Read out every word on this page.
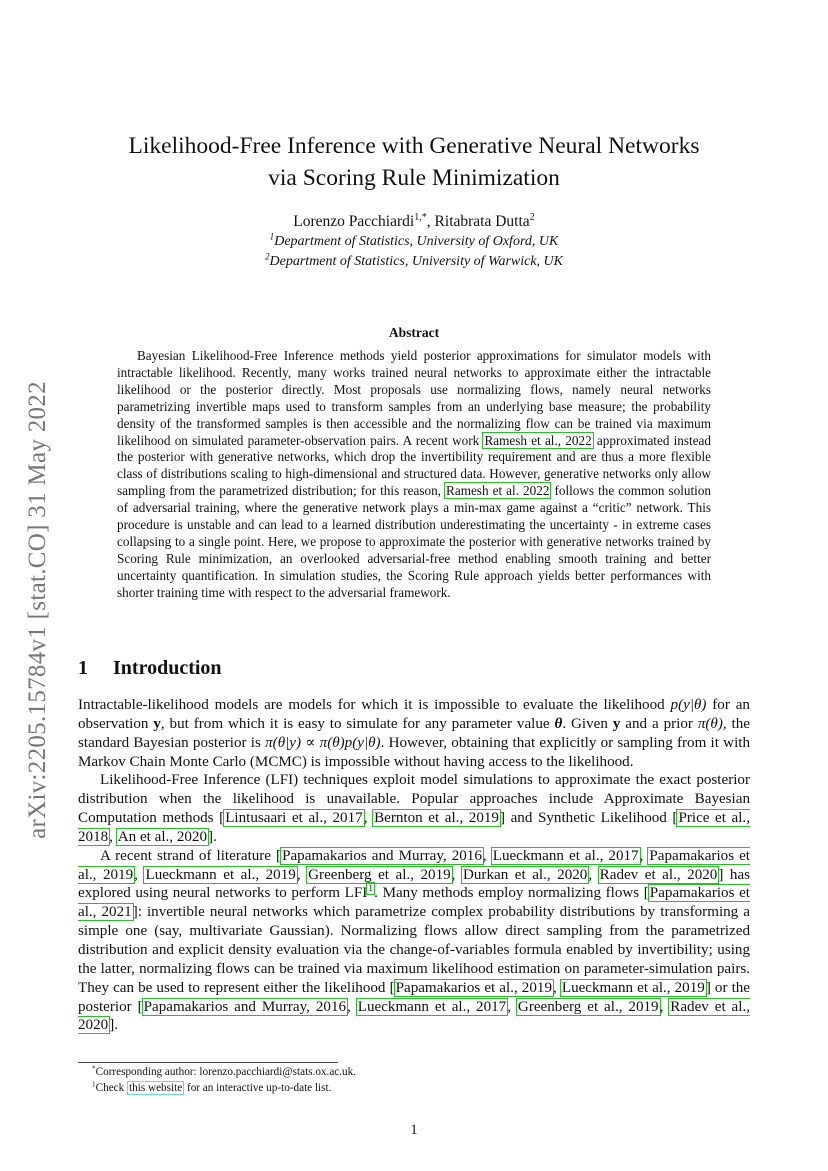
arXiv:2205.15784v1 [stat.CO] 31 May 2022
Likelihood-Free Inference with Generative Neural Networks
via Scoring Rule Minimization
Lorenzo Pacchiardi$^{1,*}$, Ritabrata Dutta$^2$
$^1$Department of Statistics, University of Oxford, UK
$^2$Department of Statistics, University of Warwick, UK
Abstract
Bayesian Likelihood-Free Inference methods yield posterior approximations for simulator models with intractable likelihood. Recently, many works trained neural networks to approximate either the intractable likelihood or the posterior directly. Most proposals use normalizing flows, namely neural networks parametrizing invertible maps used to transform samples from an underlying base measure; the probability density of the transformed samples is then accessible and the normalizing flow can be trained via maximum likelihood on simulated parameter-observation pairs. A recent work Ramesh et al., 2022 approximated instead the posterior with generative networks, which drop the invertibility requirement and are thus a more flexible class of distributions scaling to high-dimensional and structured data. However, generative networks only allow sampling from the parametrized distribution; for this reason, Ramesh et al. 2022 follows the common solution of adversarial training, where the generative network plays a min-max game against a “critic” network. This procedure is unstable and can lead to a learned distribution underestimating the uncertainty - in extreme cases collapsing to a single point. Here, we propose to approximate the posterior with generative networks trained by Scoring Rule minimization, an overlooked adversarial-free method enabling smooth training and better uncertainty quantification. In simulation studies, the Scoring Rule approach yields better performances with shorter training time with respect to the adversarial framework.
1 Introduction

Intractable-likelihood models are models for which it is impossible to evaluate the likelihood p(y|θ) for an observation y, but from which it is easy to simulate for any parameter value θ. Given y and a prior π(θ), the standard Bayesian posterior is π(θ|y) ∝ π(θ)p(y|θ). However, obtaining that explicitly or sampling from it with Markov Chain Monte Carlo (MCMC) is impossible without having access to the likelihood.

Likelihood-Free Inference (LFI) techniques exploit model simulations to approximate the exact posterior distribution when the likelihood is unavailable. Popular approaches include Approximate Bayesian Computation methods [Lintusaari et al., 2017, Bernton et al., 2019] and Synthetic Likelihood [Price et al., 2018, An et al., 2020].

A recent strand of literature [Papamakarios and Murray, 2016, Lueckmann et al., 2017, Papamakarios et al., 2019, Lueckmann et al., 2019, Greenberg et al., 2019, Durkan et al., 2020, Radev et al., 2020] has explored using neural networks to perform LFI$^1$. Many methods employ normalizing flows [Papamakarios et al., 2021]: invertible neural networks which parametrize complex probability distributions by transforming a simple one (say, multivariate Gaussian). Normalizing flows allow direct sampling from the parametrized distribution and explicit density evaluation via the change-of-variables formula enabled by invertibility; using the latter, normalizing flows can be trained via maximum likelihood estimation on parameter-simulation pairs. They can be used to represent either the likelihood [Papamakarios et al., 2019, Lueckmann et al., 2019] or the posterior [Papamakarios and Murray, 2016, Lueckmann et al., 2017, Greenberg et al., 2019, Radev et al., 2020].

*Corresponding author: lorenzo.pacchiardi@stats.ox.ac.uk.
$^1$Check this website for an interactive up-to-date list.
1
